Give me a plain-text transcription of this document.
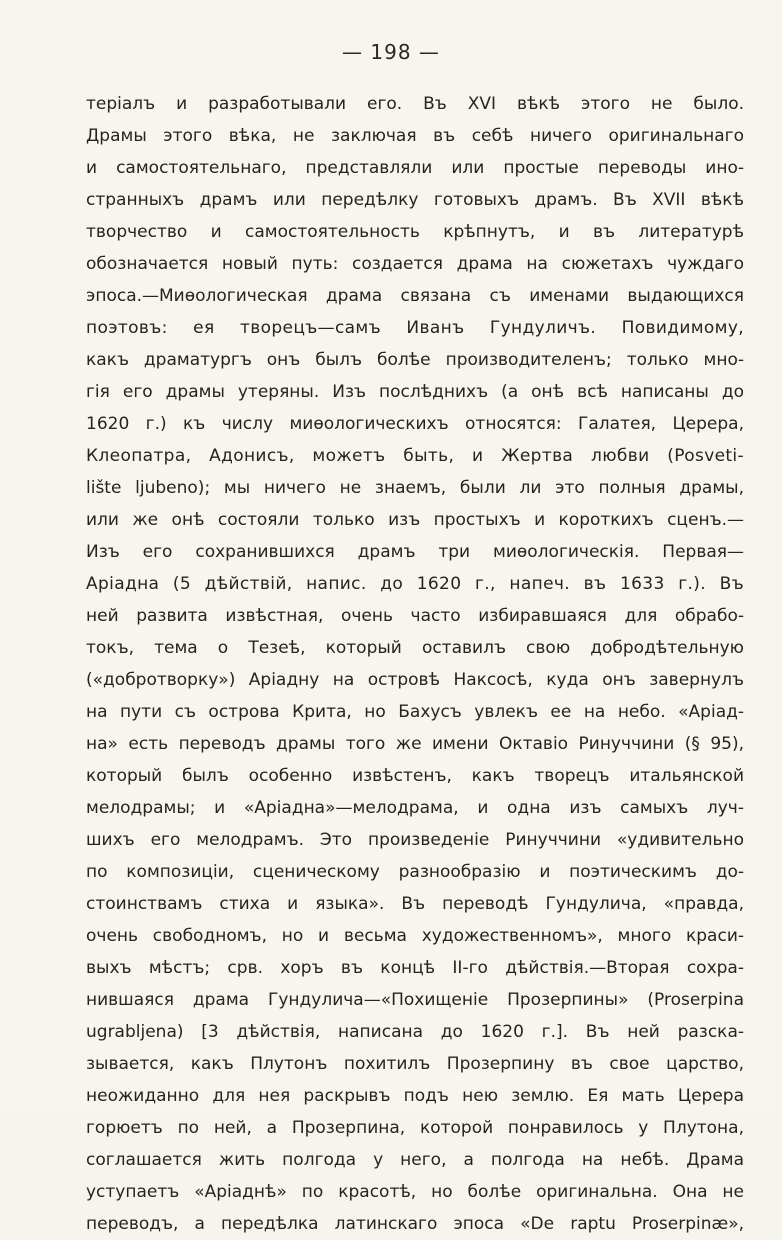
— 198 —
теріалъ и разработывали его. Въ XVI вѣкѣ этого не было.
Драмы этого вѣка, не заключая въ себѣ ничего оригинальнаго
и самостоятельнаго, представляли или простые переводы ино-
странныхъ драмъ или передѣлку готовыхъ драмъ. Въ XVII вѣкѣ
творчество и самостоятельность крѣпнутъ, и въ литературѣ
обозначается новый путь: создается драма на сюжетахъ чуждаго
эпоса.—Миѳологическая драма связана съ именами выдающихся
поэтовъ: ея творецъ—самъ Иванъ Гундуличъ. Повидимому,
какъ драматургъ онъ былъ болѣе производителенъ; только мно-
гія его драмы утеряны. Изъ послѣднихъ (а онѣ всѣ написаны до
1620 г.) къ числу миѳологическихъ относятся: Галатея, Церера,
Клеопатра, Адонисъ, можетъ быть, и Жертва любви (Posveti-
lište ljubeno); мы ничего не знаемъ, были ли это полныя драмы,
или же онѣ состояли только изъ простыхъ и короткихъ сценъ.—
Изъ его сохранившихся драмъ три миѳологическія. Первая—
Аріадна (5 дѣйствій, напис. до 1620 г., напеч. въ 1633 г.). Въ
ней развита извѣстная, очень часто избиравшаяся для обрабо-
токъ, тема о Тезеѣ, который оставилъ свою добродѣтельную
(«добротворку») Аріадну на островѣ Наксосѣ, куда онъ завернулъ
на пути съ острова Крита, но Бахусъ увлекъ ее на небо. «Аріад-
на» есть переводъ драмы того же имени Октавіо Ринуччини (§ 95),
который былъ особенно извѣстенъ, какъ творецъ итальянской
мелодрамы; и «Аріадна»—мелодрама, и одна изъ самыхъ луч-
шихъ его мелодрамъ. Это произведеніе Ринуччини «удивительно
по композиціи, сценическому разнообразію и поэтическимъ до-
стоинствамъ стиха и языка». Въ переводѣ Гундулича, «правда,
очень свободномъ, но и весьма художественномъ», много краси-
выхъ мѣстъ; срв. хоръ въ концѣ II-го дѣйствія.—Вторая сохра-
нившаяся драма Гундулича—«Похищеніе Прозерпины» (Proserpina
ugrabljena) [3 дѣйствія, написана до 1620 г.]. Въ ней разска-
зывается, какъ Плутонъ похитилъ Прозерпину въ свое царство,
неожиданно для нея раскрывъ подъ нею землю. Ея мать Церера
горюетъ по ней, а Прозерпина, которой понравилось у Плутона,
соглашается жить полгода у него, а полгода на небѣ. Драма
уступаетъ «Аріаднѣ» по красотѣ, но болѣе оригинальна. Она не
переводъ, а передѣлка латинскаго эпоса «De raptu Proserpinæ»,
